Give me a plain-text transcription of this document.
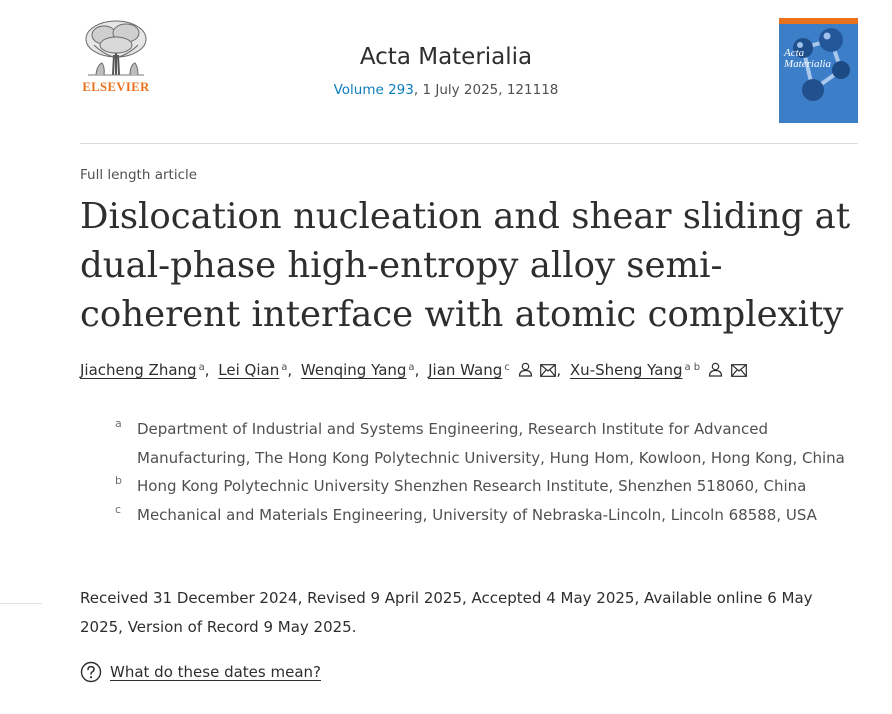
ELSEVIER
Acta Materialia
Volume 293, 1 July 2025, 121118
Acta Materialia
Full length article
Dislocation nucleation and shear sliding at dual-phase high-entropy alloy semi-coherent interface with atomic complexity
Jiacheng Zhang $^a$, Lei Qian $^a$, Wenqing Yang $^a$, Jian Wang $^c$	, Xu-Sheng Yang $^{a b}$
a Department of Industrial and Systems Engineering, Research Institute for Advanced Manufacturing, The Hong Kong Polytechnic University, Hung Hom, Kowloon, Hong Kong, China
b Hong Kong Polytechnic University Shenzhen Research Institute, Shenzhen 518060, China
c Mechanical and Materials Engineering, University of Nebraska-Lincoln, Lincoln 68588, USA
Received 31 December 2024, Revised 9 April 2025, Accepted 4 May 2025, Available online 6 May 2025, Version of Record 9 May 2025.
What do these dates mean?
